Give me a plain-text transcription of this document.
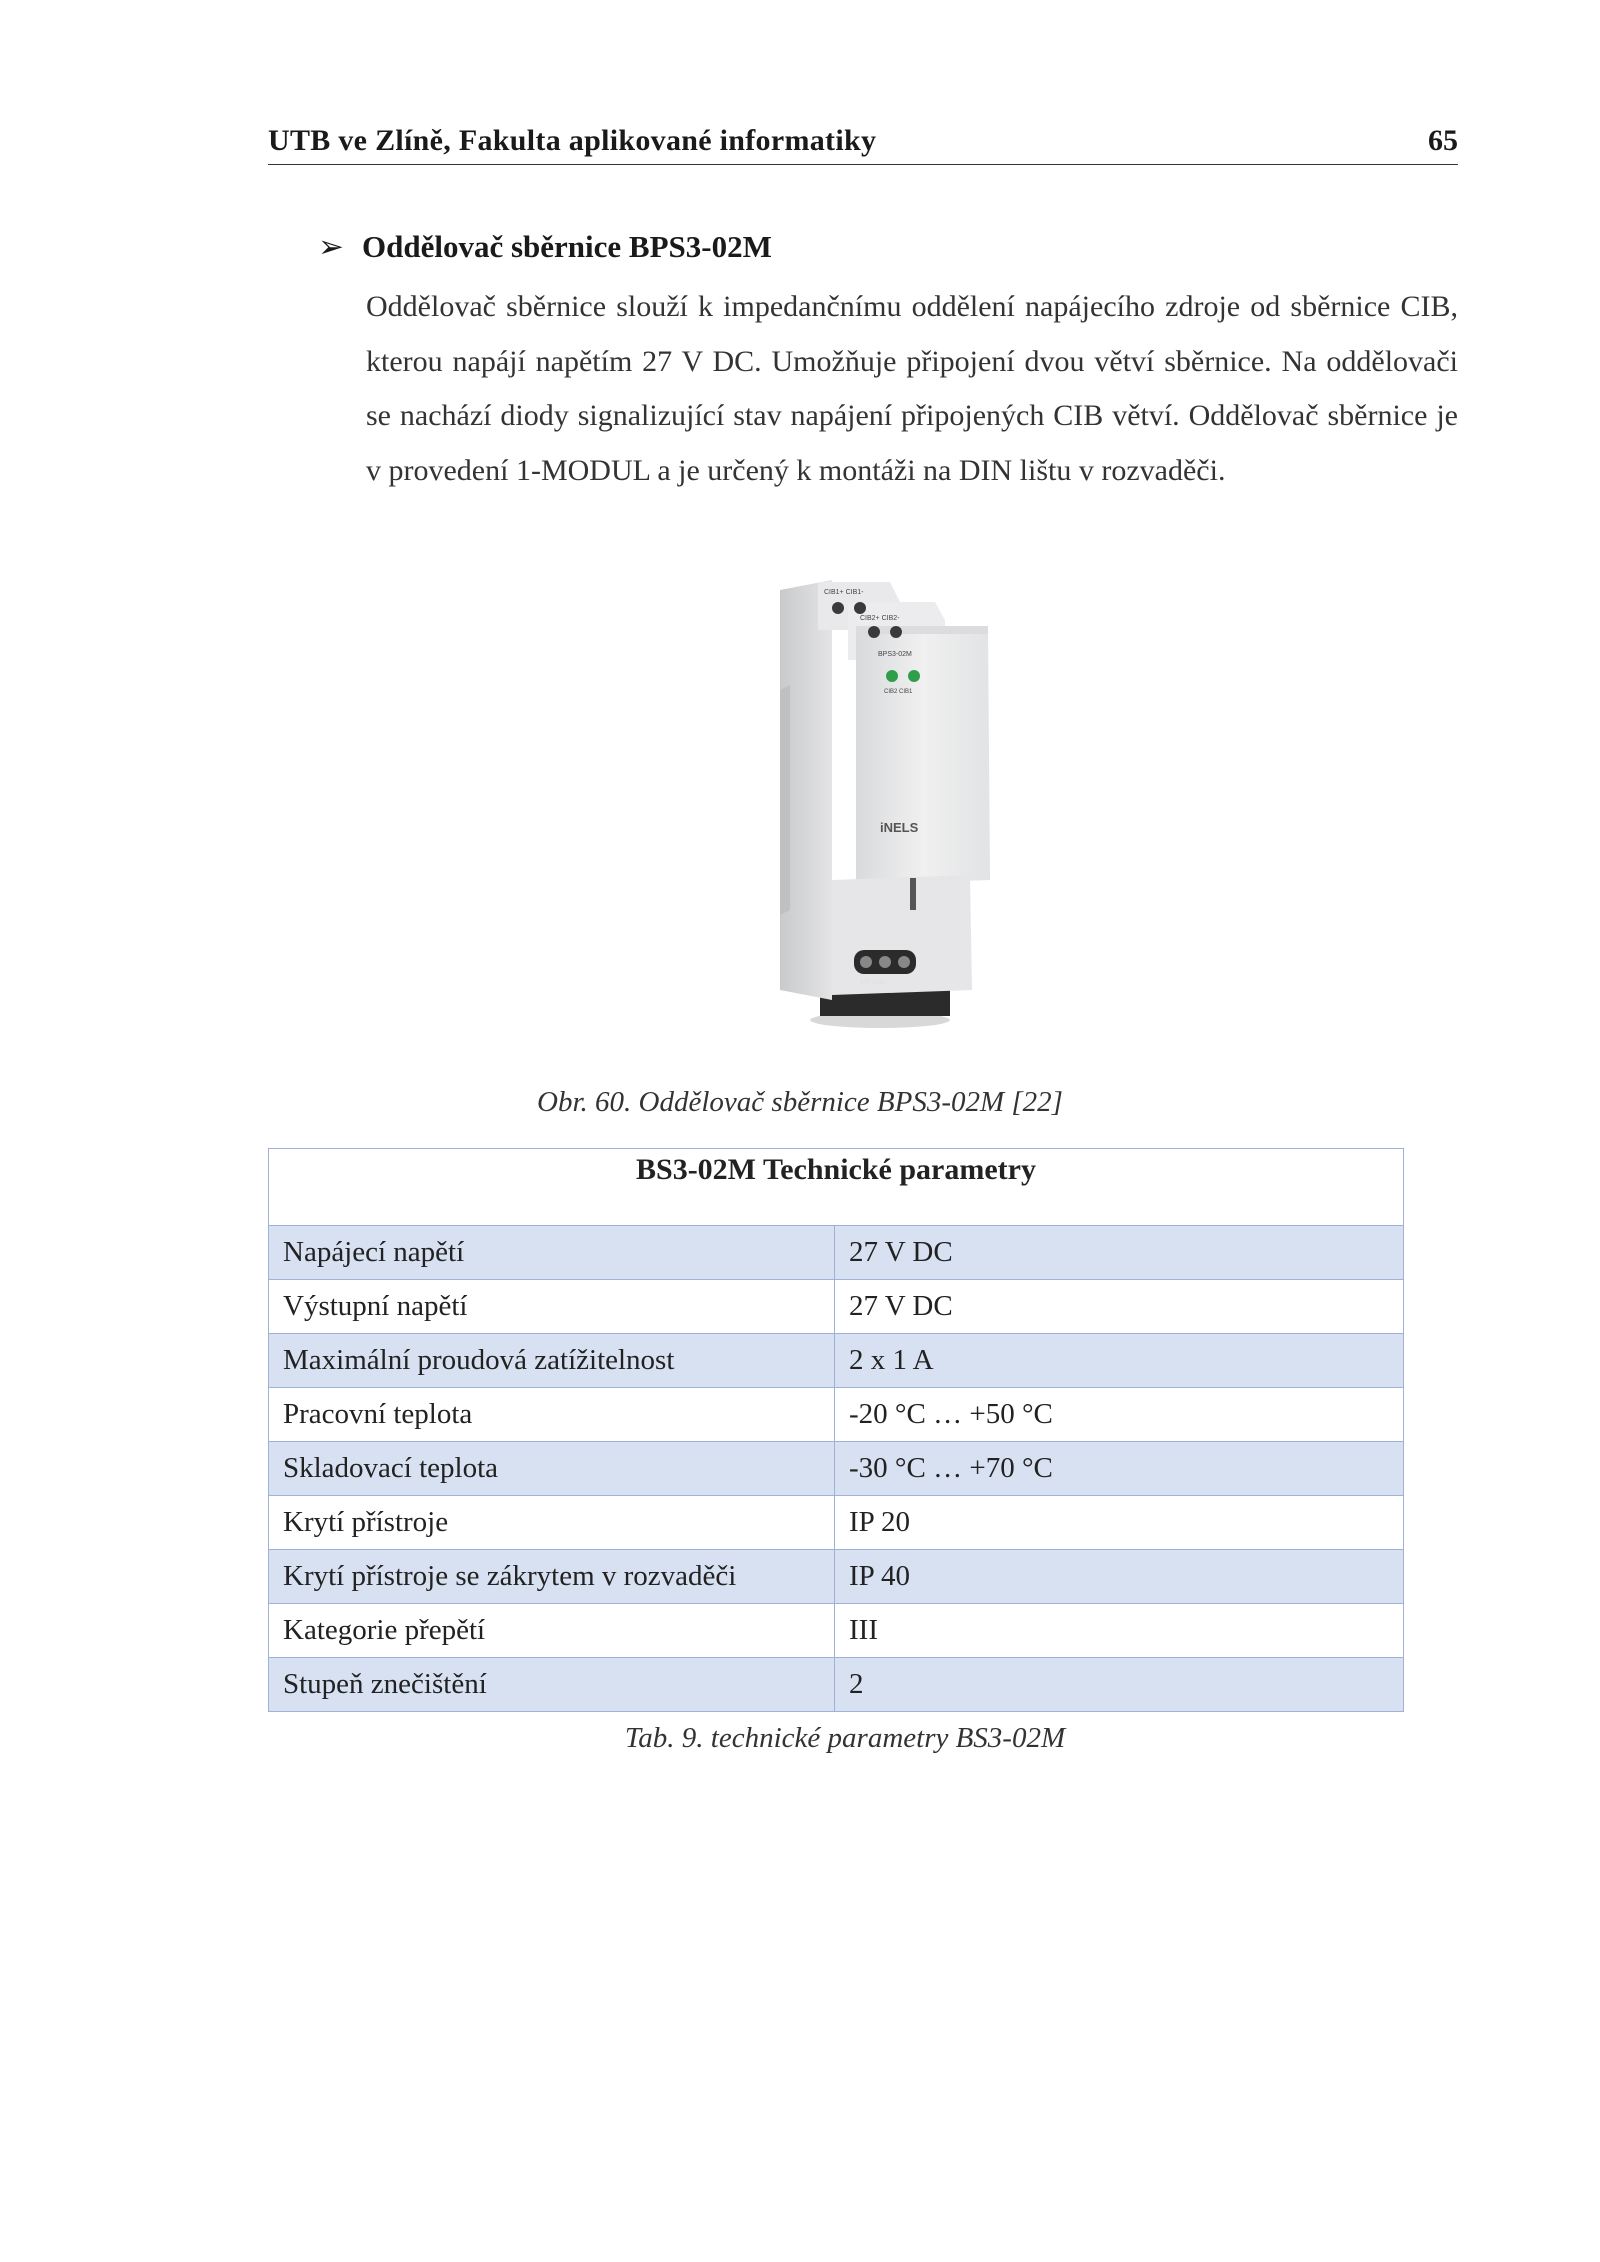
UTB ve Zlíně, Fakulta aplikované informatiky	65
➢ Oddělovač sběrnice BPS3-02M
Oddělovač sběrnice slouží k impedančnímu oddělení napájecího zdroje od sběrnice CIB, kterou napájí napětím 27 V DC. Umožňuje připojení dvou větví sběrnice. Na oddělovači se nachází diody signalizující stav napájení připojených CIB větví. Oddělovač sběrnice je v provedení 1-MODUL a je určený k montáži na DIN lištu v rozvaděči.
CIB1+ CIB1-
CIB2+ CIB2-
BPS3-02M
CIB2 CIB1
iNELS
27V GND
Obr. 60. Oddělovač sběrnice BPS3-02M [22]
BS3-02M Technické parametry	
Napájecí napětí	27 V DC
Výstupní napětí	27 V DC
Maximální proudová zatížitelnost	2 x 1 A
Pracovní teplota	-20 °C … +50 °C
Skladovací teplota	-30 °C … +70 °C
Krytí přístroje	IP 20
Krytí přístroje se zákrytem v rozvaděči	IP 40
Kategorie přepětí	III
Stupeň znečištění	2
Tab. 9. technické parametry BS3-02M
